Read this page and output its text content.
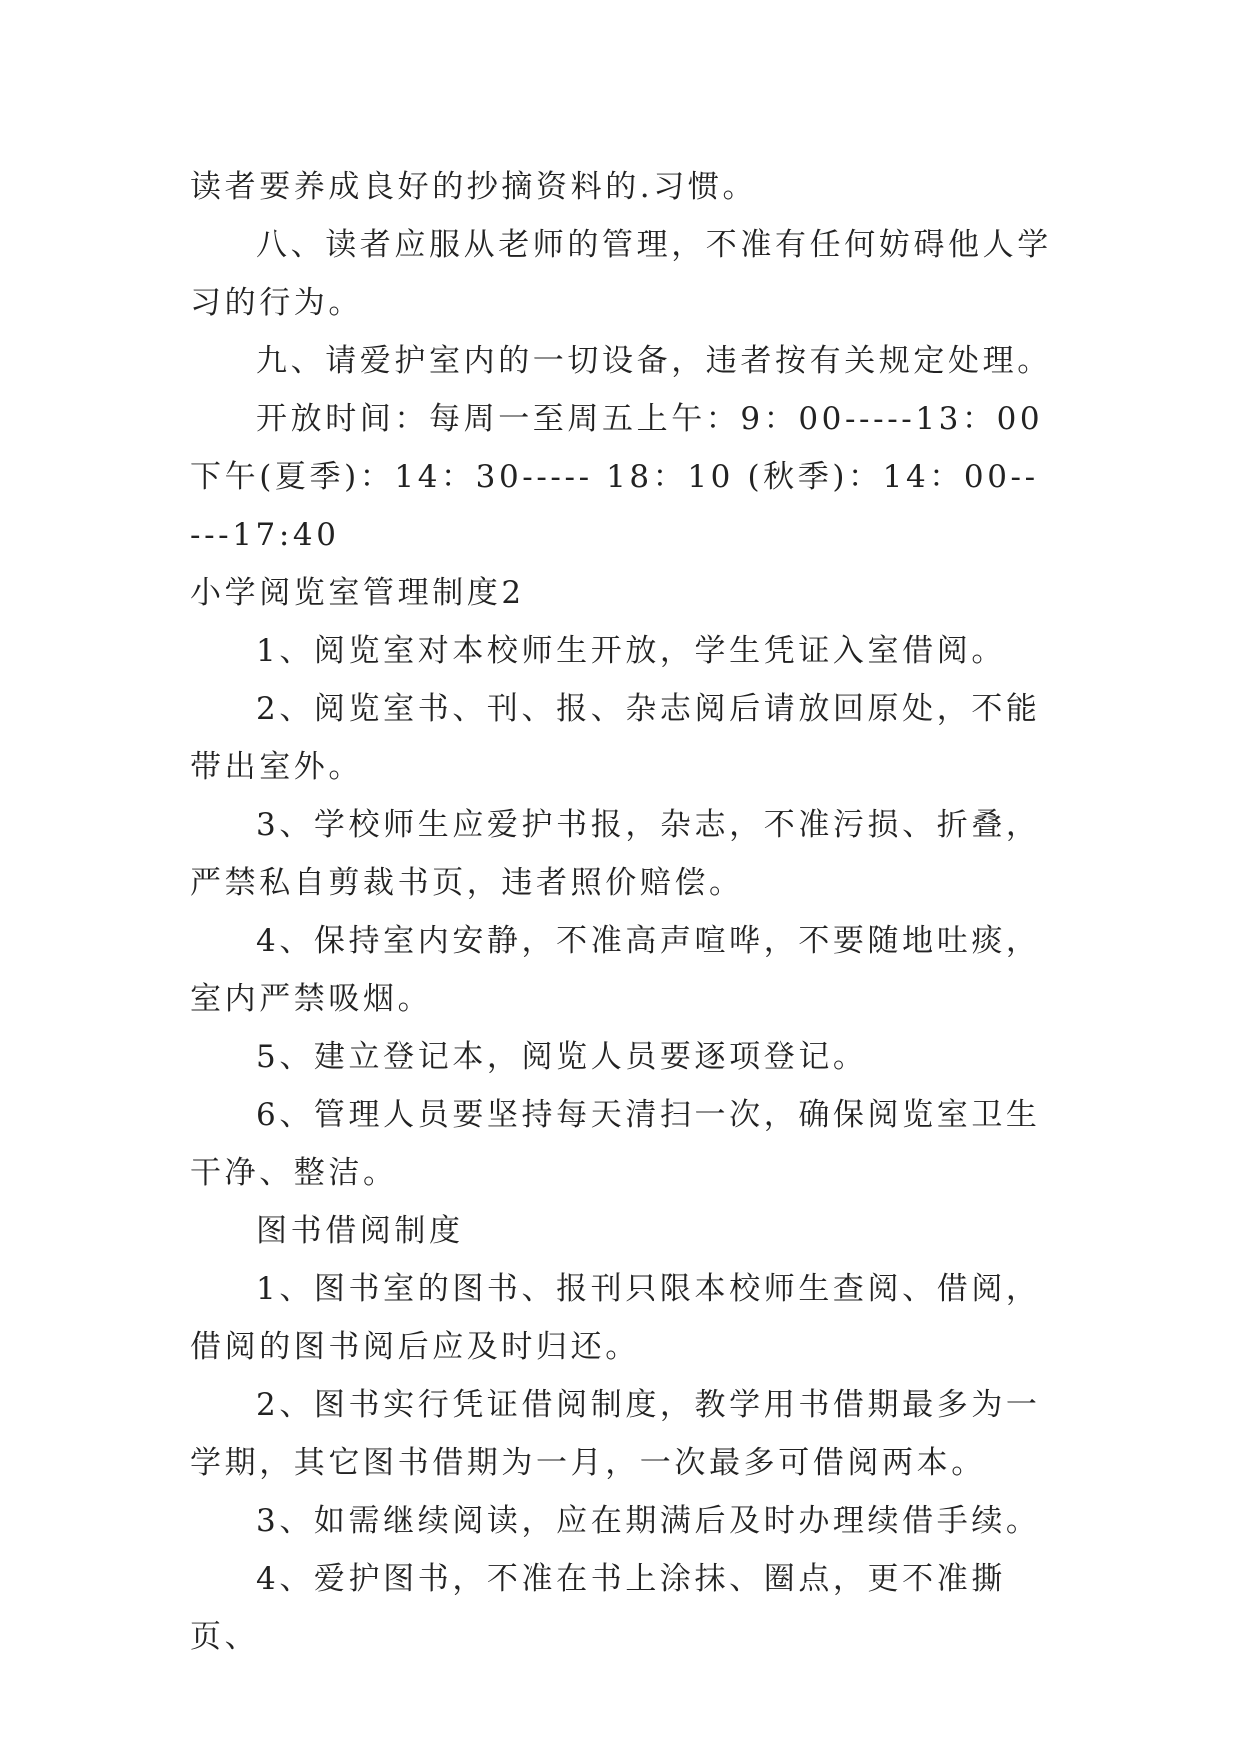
读者要养成良好的抄摘资料的.习惯。

八、读者应服从老师的管理，不准有任何妨碍他人学习的行为。

九、请爱护室内的一切设备，违者按有关规定处理。

开放时间：每周一至周五上午：9：00-----13：00下午(夏季)：14：30----- 18：10 (秋季)：14：00-----17:40

小学阅览室管理制度2

1、阅览室对本校师生开放，学生凭证入室借阅。

2、阅览室书、刊、报、杂志阅后请放回原处，不能带出室外。

3、学校师生应爱护书报，杂志，不准污损、折叠，严禁私自剪裁书页，违者照价赔偿。

4、保持室内安静，不准高声喧哗，不要随地吐痰，室内严禁吸烟。

5、建立登记本，阅览人员要逐项登记。

6、管理人员要坚持每天清扫一次，确保阅览室卫生干净、整洁。

图书借阅制度

1、图书室的图书、报刊只限本校师生查阅、借阅，借阅的图书阅后应及时归还。

2、图书实行凭证借阅制度，教学用书借期最多为一学期，其它图书借期为一月，一次最多可借阅两本。

3、如需继续阅读，应在期满后及时办理续借手续。

4、爱护图书，不准在书上涂抹、圈点，更不准撕页、
